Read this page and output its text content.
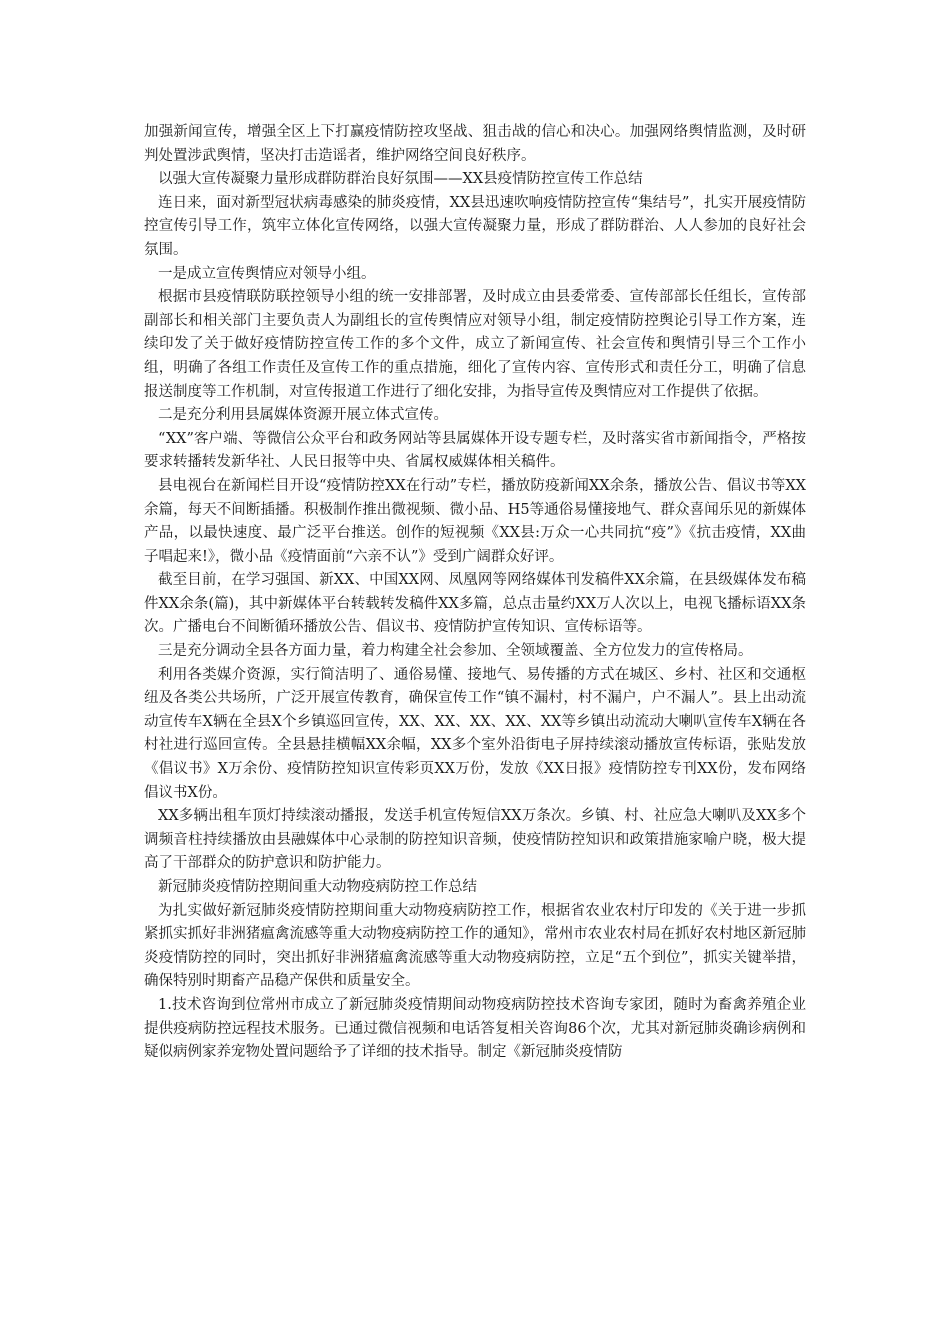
加强新闻宣传，增强全区上下打赢疫情防控攻坚战、狙击战的信心和决心。加强网络舆情监测，及时研判处置涉武舆情，坚决打击造谣者，维护网络空间良好秩序。

以强大宣传凝聚力量形成群防群治良好氛围——XX县疫情防控宣传工作总结

连日来，面对新型冠状病毒感染的肺炎疫情，XX县迅速吹响疫情防控宣传“集结号”，扎实开展疫情防控宣传引导工作，筑牢立体化宣传网络，以强大宣传凝聚力量，形成了群防群治、人人参加的良好社会氛围。

一是成立宣传舆情应对领导小组。

根据市县疫情联防联控领导小组的统一安排部署，及时成立由县委常委、宣传部部长任组长，宣传部副部长和相关部门主要负责人为副组长的宣传舆情应对领导小组，制定疫情防控舆论引导工作方案，连续印发了关于做好疫情防控宣传工作的多个文件，成立了新闻宣传、社会宣传和舆情引导三个工作小组，明确了各组工作责任及宣传工作的重点措施，细化了宣传内容、宣传形式和责任分工，明确了信息报送制度等工作机制，对宣传报道工作进行了细化安排，为指导宣传及舆情应对工作提供了依据。

二是充分利用县属媒体资源开展立体式宣传。

“XX”客户端、等微信公众平台和政务网站等县属媒体开设专题专栏，及时落实省市新闻指令，严格按要求转播转发新华社、人民日报等中央、省属权威媒体相关稿件。

县电视台在新闻栏目开设“疫情防控XX在行动”专栏，播放防疫新闻XX余条，播放公告、倡议书等XX余篇，每天不间断插播。积极制作推出微视频、微小品、H5等通俗易懂接地气、群众喜闻乐见的新媒体产品，以最快速度、最广泛平台推送。创作的短视频《XX县:万众一心共同抗“疫”》《抗击疫情，XX曲子唱起来!》，微小品《疫情面前“六亲不认”》受到广阔群众好评。

截至目前，在学习强国、新XX、中国XX网、凤凰网等网络媒体刊发稿件XX余篇，在县级媒体发布稿件XX余条(篇)，其中新媒体平台转载转发稿件XX多篇，总点击量约XX万人次以上，电视飞播标语XX条次。广播电台不间断循环播放公告、倡议书、疫情防护宣传知识、宣传标语等。

三是充分调动全县各方面力量，着力构建全社会参加、全领域覆盖、全方位发力的宣传格局。

利用各类媒介资源，实行简洁明了、通俗易懂、接地气、易传播的方式在城区、乡村、社区和交通枢纽及各类公共场所，广泛开展宣传教育，确保宣传工作“镇不漏村，村不漏户，户不漏人”。县上出动流动宣传车X辆在全县X个乡镇巡回宣传，XX、XX、XX、XX、XX等乡镇出动流动大喇叭宣传车X辆在各村社进行巡回宣传。全县悬挂横幅XX余幅，XX多个室外沿街电子屏持续滚动播放宣传标语，张贴发放《倡议书》X万余份、疫情防控知识宣传彩页XX万份，发放《XX日报》疫情防控专刊XX份，发布网络倡议书X份。

XX多辆出租车顶灯持续滚动播报，发送手机宣传短信XX万条次。乡镇、村、社应急大喇叭及XX多个调频音柱持续播放由县融媒体中心录制的防控知识音频，使疫情防控知识和政策措施家喻户晓，极大提高了干部群众的防护意识和防护能力。

新冠肺炎疫情防控期间重大动物疫病防控工作总结

为扎实做好新冠肺炎疫情防控期间重大动物疫病防控工作，根据省农业农村厅印发的《关于进一步抓紧抓实抓好非洲猪瘟禽流感等重大动物疫病防控工作的通知》，常州市农业农村局在抓好农村地区新冠肺炎疫情防控的同时，突出抓好非洲猪瘟禽流感等重大动物疫病防控，立足“五个到位”，抓实关键举措，确保特别时期畜产品稳产保供和质量安全。

1.技术咨询到位常州市成立了新冠肺炎疫情期间动物疫病防控技术咨询专家团，随时为畜禽养殖企业提供疫病防控远程技术服务。已通过微信视频和电话答复相关咨询86个次，尤其对新冠肺炎确诊病例和疑似病例家养宠物处置问题给予了详细的技术指导。制定《新冠肺炎疫情防
